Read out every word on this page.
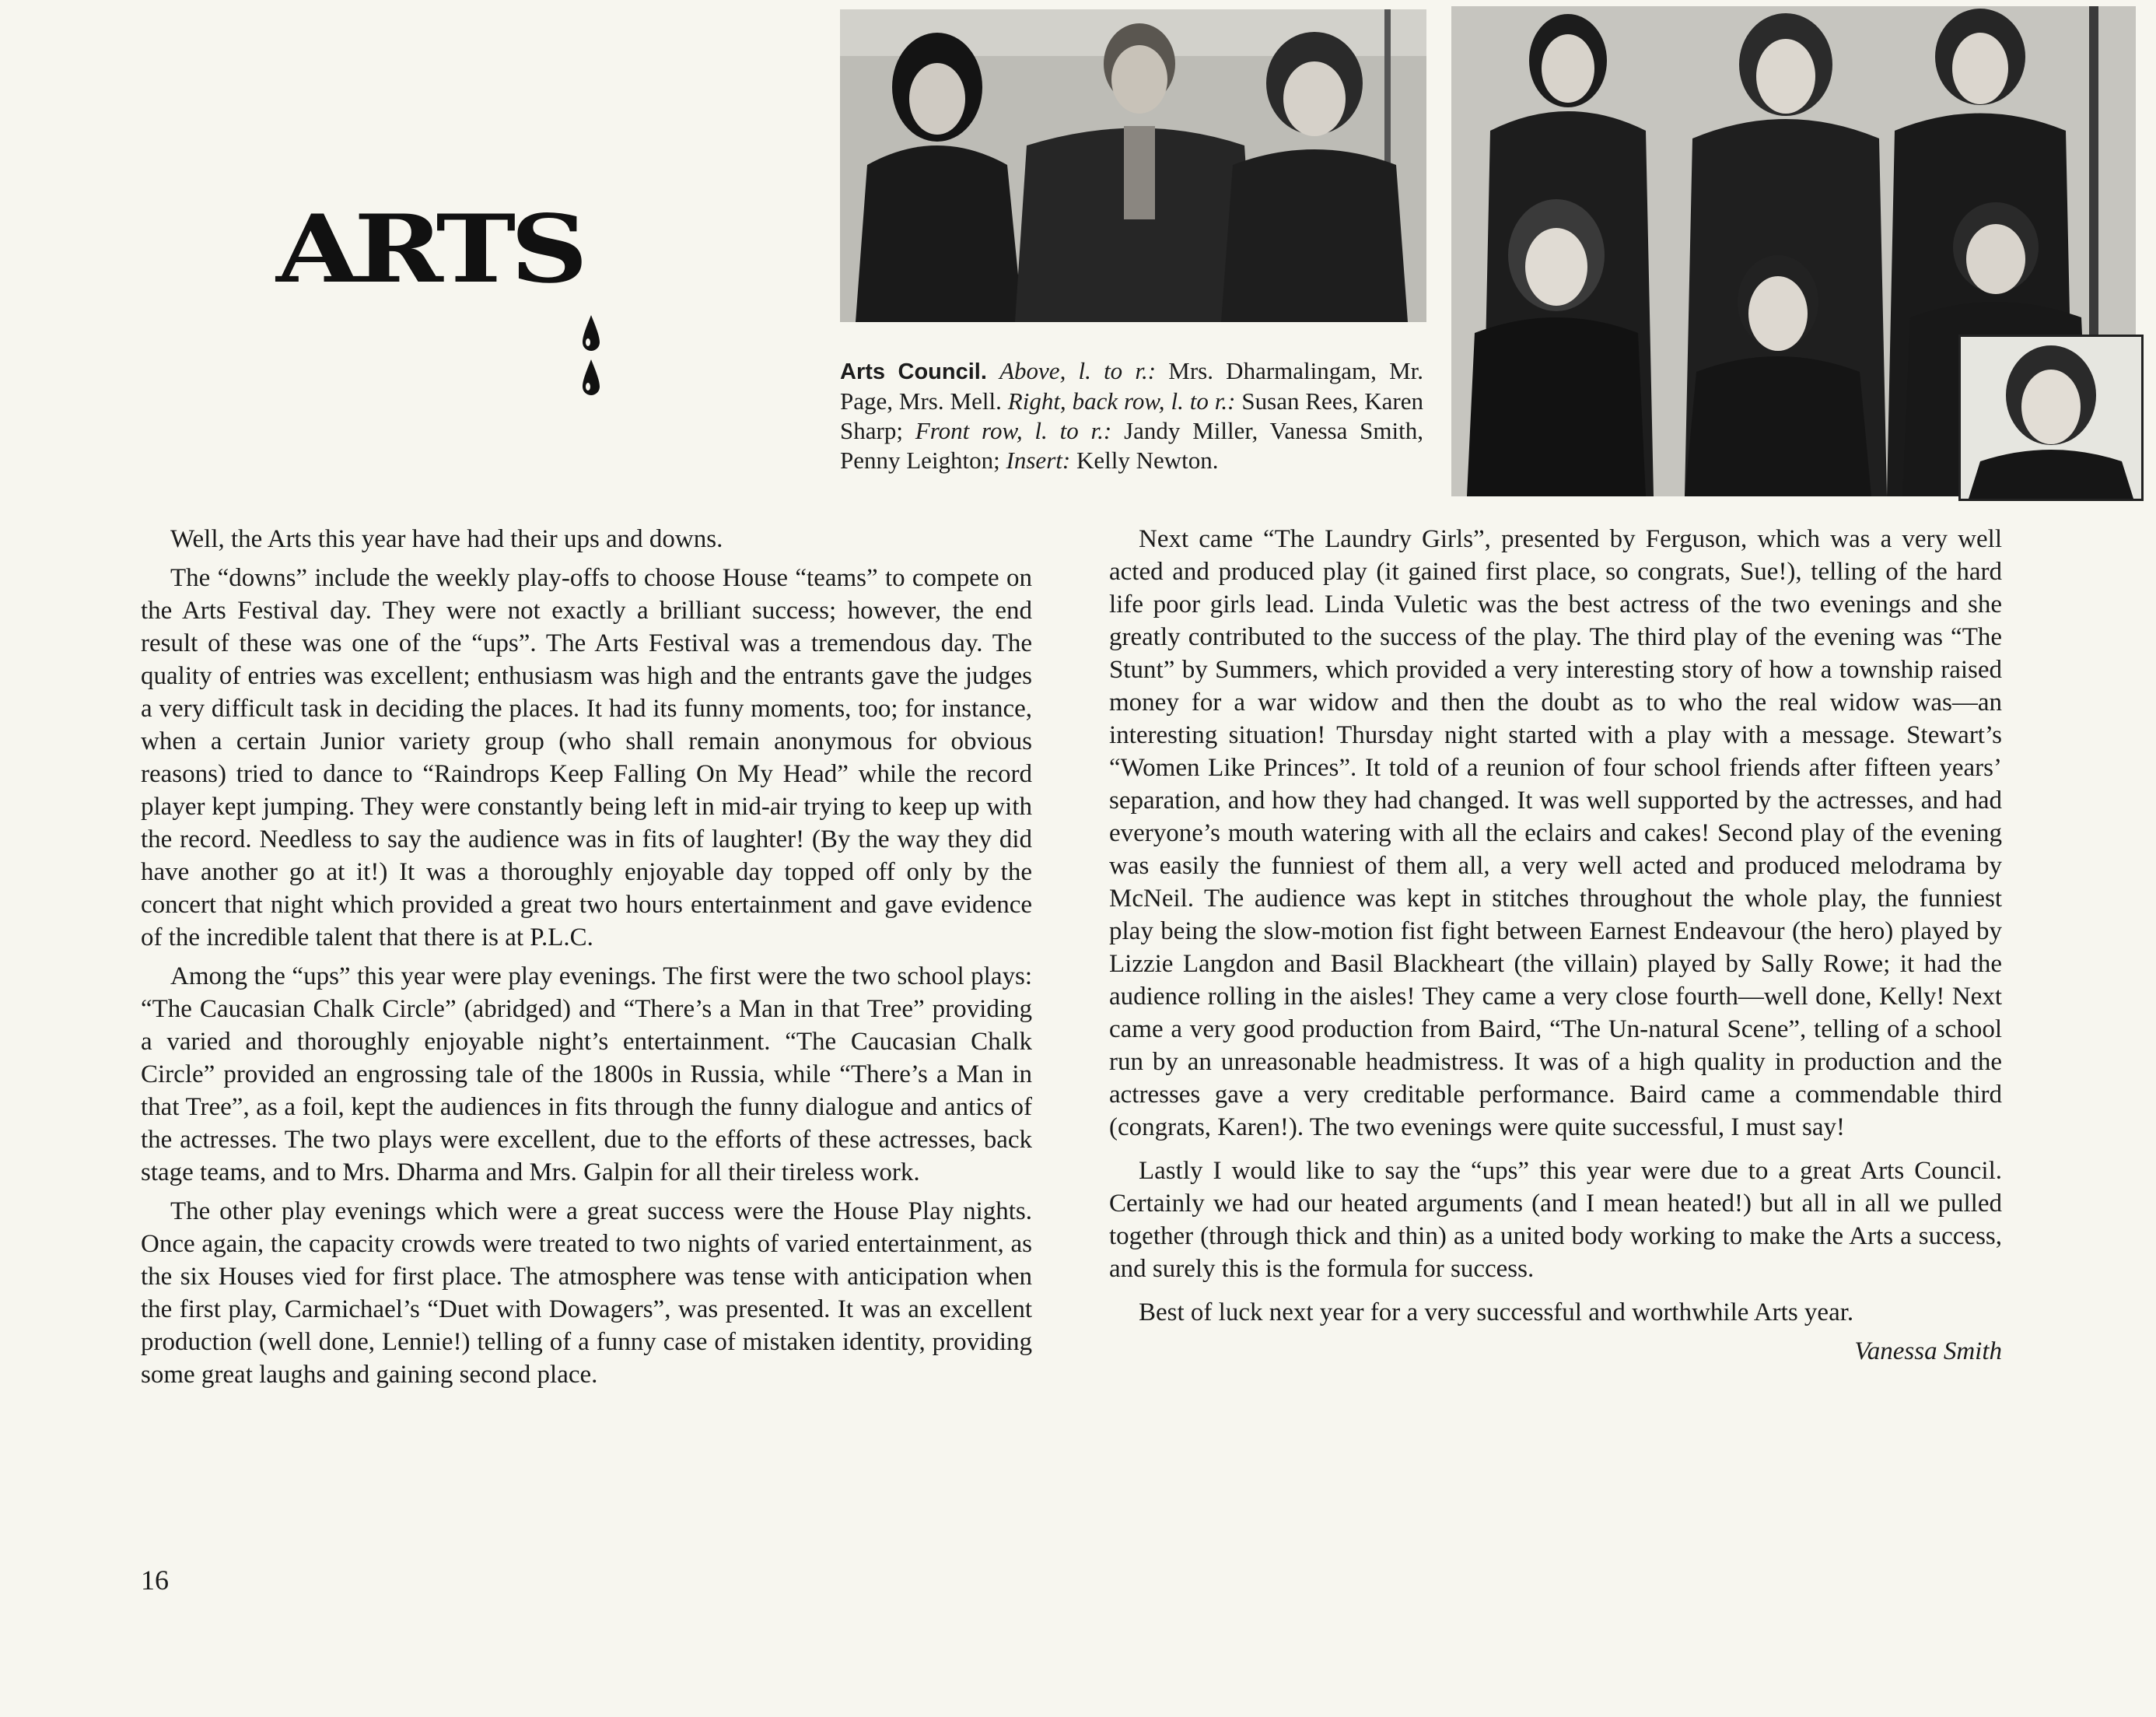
ARTS
Arts Council. Above, l. to r.: Mrs. Dharmalingam, Mr. Page, Mrs. Mell. Right, back row, l. to r.: Susan Rees, Karen Sharp; Front row, l. to r.: Jandy Miller, Vanessa Smith, Penny Leighton; Insert: Kelly Newton.

Well, the Arts this year have had their ups and downs.

The “downs” include the weekly play-offs to choose House “teams” to compete on the Arts Festival day. They were not exactly a brilliant success; however, the end result of these was one of the “ups”. The Arts Festival was a tremendous day. The quality of entries was excellent; enthusiasm was high and the entrants gave the judges a very difficult task in deciding the places. It had its funny moments, too; for instance, when a certain Junior variety group (who shall remain anonymous for obvious reasons) tried to dance to “Raindrops Keep Falling On My Head” while the record player kept jumping. They were constantly being left in mid-air trying to keep up with the record. Needless to say the audience was in fits of laughter! (By the way they did have another go at it!) It was a thoroughly enjoyable day topped off only by the concert that night which provided a great two hours entertainment and gave evidence of the incredible talent that there is at P.L.C.

Among the “ups” this year were play evenings. The first were the two school plays: “The Caucasian Chalk Circle” (abridged) and “There’s a Man in that Tree” providing a varied and thoroughly enjoyable night’s entertainment. “The Caucasian Chalk Circle” provided an engrossing tale of the 1800s in Russia, while “There’s a Man in that Tree”, as a foil, kept the audiences in fits through the funny dialogue and antics of the actresses. The two plays were excellent, due to the efforts of these actresses, back stage teams, and to Mrs. Dharma and Mrs. Galpin for all their tireless work.

The other play evenings which were a great success were the House Play nights. Once again, the capacity crowds were treated to two nights of varied entertainment, as the six Houses vied for first place. The atmosphere was tense with anticipation when the first play, Carmichael’s “Duet with Dowagers”, was presented. It was an excellent production (well done, Lennie!) telling of a funny case of mistaken identity, providing some great laughs and gaining second place.

Next came “The Laundry Girls”, presented by Ferguson, which was a very well acted and produced play (it gained first place, so congrats, Sue!), telling of the hard life poor girls lead. Linda Vuletic was the best actress of the two evenings and she greatly contributed to the success of the play. The third play of the evening was “The Stunt” by Summers, which provided a very interesting story of how a township raised money for a war widow and then the doubt as to who the real widow was—an interesting situation! Thursday night started with a play with a message. Stewart’s “Women Like Princes”. It told of a reunion of four school friends after fifteen years’ separation, and how they had changed. It was well supported by the actresses, and had everyone’s mouth watering with all the eclairs and cakes! Second play of the evening was easily the funniest of them all, a very well acted and produced melodrama by McNeil. The audience was kept in stitches throughout the whole play, the funniest play being the slow-motion fist fight between Earnest Endeavour (the hero) played by Lizzie Langdon and Basil Blackheart (the villain) played by Sally Rowe; it had the audience rolling in the aisles! They came a very close fourth—well done, Kelly! Next came a very good production from Baird, “The Un-natural Scene”, telling of a school run by an unreasonable headmistress. It was of a high quality in production and the actresses gave a very creditable performance. Baird came a commendable third (congrats, Karen!). The two evenings were quite successful, I must say!

Lastly I would like to say the “ups” this year were due to a great Arts Council. Certainly we had our heated arguments (and I mean heated!) but all in all we pulled together (through thick and thin) as a united body working to make the Arts a success, and surely this is the formula for success.

Best of luck next year for a very successful and worthwhile Arts year.

Vanessa Smith

16
